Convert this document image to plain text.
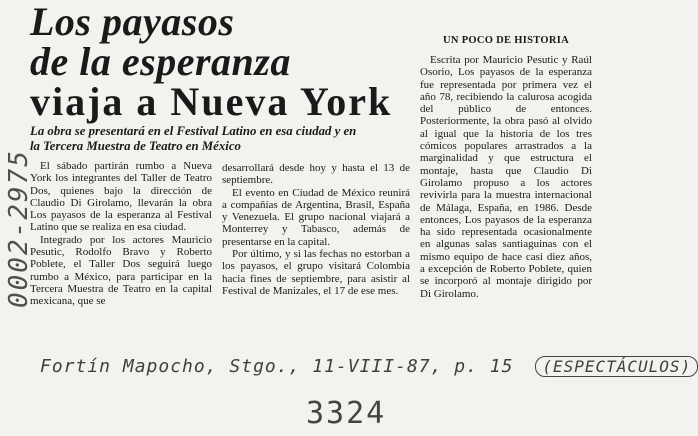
0002-2975
Los payasos
de la esperanza
viaja a Nueva York
La obra se presentará en el Festival Latino en esa ciudad y en la Tercera Muestra de Teatro en México

El sábado partirán rumbo a Nueva York los integrantes del Taller de Teatro Dos, quienes bajo la dirección de Claudio Di Girolamo, llevarán la obra Los payasos de la esperanza al Festival Latino que se realiza en esa ciudad.

Integrado por los actores Mauricio Pesutic, Rodolfo Bravo y Roberto Poblete, el Taller Dos seguirá luego rumbo a México, para participar en la Tercera Muestra de Teatro en la capital mexicana, que se

desarrollará desde hoy y hasta el 13 de septiembre.

El evento en Ciudad de México reunirá a compañías de Argentina, Brasil, España y Venezuela. El grupo nacional viajará a Monterrey y Tabasco, además de presentarse en la capital.

Por último, y si las fechas no estorban a los payasos, el grupo visitará Colombia hacia fines de septiembre, para asistir al Festival de Manizales, el 17 de ese mes.

UN POCO DE HISTORIA

Escrita por Mauricio Pesutic y Raúl Osorio, Los payasos de la esperanza fue representada por primera vez el año 78, recibiendo la calurosa acogida del público de entonces. Posteriormente, la obra pasó al olvido al igual que la historia de los tres cómicos populares arrastrados a la marginalidad y que estructura el montaje, hasta que Claudio Di Girolamo propuso a los actores revivirla para la muestra internacional de Málaga, España, en 1986. Desde entonces, Los payasos de la esperanza ha sido representada ocasionalmente en algunas salas santiaguinas con el mismo equipo de hace casi diez años, a excepción de Roberto Poblete, quien se incorporó al montaje dirigido por Di Girolamo.

Fortín Mapocho, Stgo., 11-VIII-87, p. 15 (ESPECTÁCULOS)
3324
